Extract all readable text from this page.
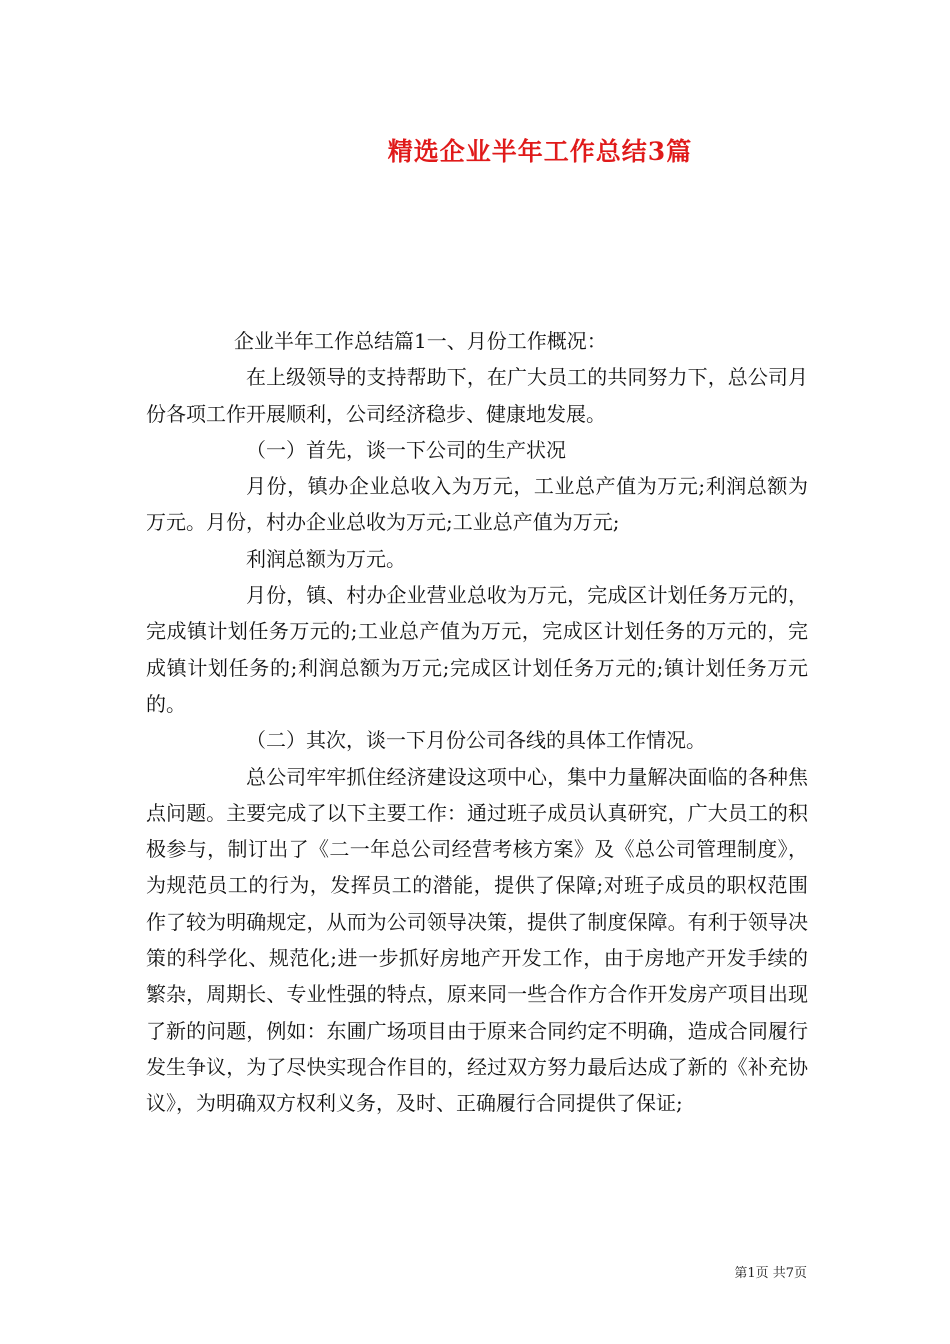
精选企业半年工作总结3篇

企业半年工作总结篇1一、月份工作概况：

在上级领导的支持帮助下，在广大员工的共同努力下，总公司月份各项工作开展顺利，公司经济稳步、健康地发展。

（一）首先，谈一下公司的生产状况

月份，镇办企业总收入为万元，工业总产值为万元;利润总额为万元。月份，村办企业总收为万元;工业总产值为万元;

利润总额为万元。

月份，镇、村办企业营业总收为万元，完成区计划任务万元的，完成镇计划任务万元的;工业总产值为万元，完成区计划任务的万元的，完成镇计划任务的;利润总额为万元;完成区计划任务万元的;镇计划任务万元的。

（二）其次，谈一下月份公司各线的具体工作情况。

总公司牢牢抓住经济建设这项中心，集中力量解决面临的各种焦点问题。主要完成了以下主要工作：通过班子成员认真研究，广大员工的积极参与，制订出了《二一年总公司经营考核方案》及《总公司管理制度》，为规范员工的行为，发挥员工的潜能，提供了保障;对班子成员的职权范围作了较为明确规定，从而为公司领导决策，提供了制度保障。有利于领导决策的科学化、规范化;进一步抓好房地产开发工作，由于房地产开发手续的繁杂，周期长、专业性强的特点，原来同一些合作方合作开发房产项目出现了新的问题，例如：东圃广场项目由于原来合同约定不明确，造成合同履行发生争议，为了尽快实现合作目的，经过双方努力最后达成了新的《补充协议》，为明确双方权利义务，及时、正确履行合同提供了保证;

第1页 共7页
